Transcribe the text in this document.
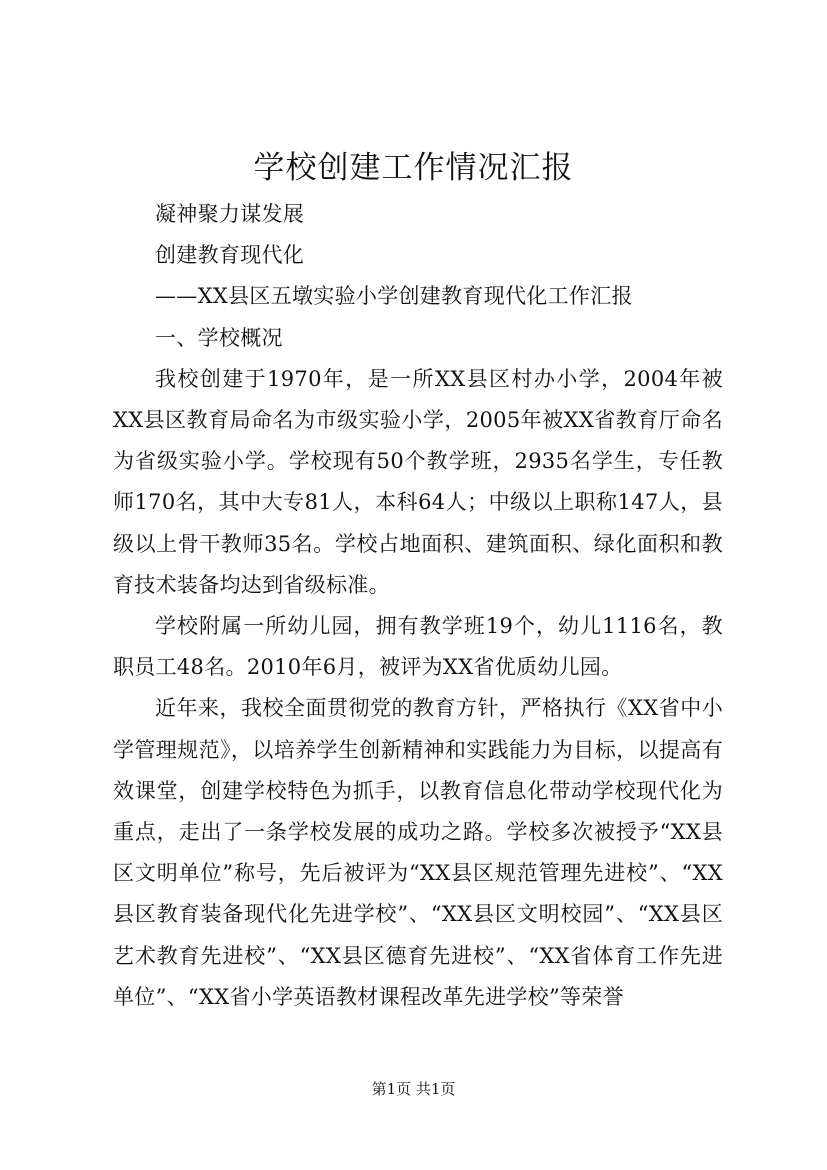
学校创建工作情况汇报

凝神聚力谋发展

创建教育现代化

——XX县区五墩实验小学创建教育现代化工作汇报

一、学校概况

我校创建于1970年，是一所XX县区村办小学，2004年被XX县区教育局命名为市级实验小学，2005年被XX省教育厅命名为省级实验小学。学校现有50个教学班，2935名学生，专任教师170名，其中大专81人，本科64人；中级以上职称147人，县级以上骨干教师35名。学校占地面积、建筑面积、绿化面积和教育技术装备均达到省级标准。

学校附属一所幼儿园，拥有教学班19个，幼儿1116名，教职员工48名。2010年6月，被评为XX省优质幼儿园。

近年来，我校全面贯彻党的教育方针，严格执行《XX省中小学管理规范》，以培养学生创新精神和实践能力为目标，以提高有效课堂，创建学校特色为抓手，以教育信息化带动学校现代化为重点，走出了一条学校发展的成功之路。学校多次被授予“XX县区文明单位”称号，先后被评为“XX县区规范管理先进校”、“XX县区教育装备现代化先进学校”、“XX县区文明校园”、“XX县区艺术教育先进校”、“XX县区德育先进校”、“XX省体育工作先进单位”、“XX省小学英语教材课程改革先进学校”等荣誉

第1页 共1页
